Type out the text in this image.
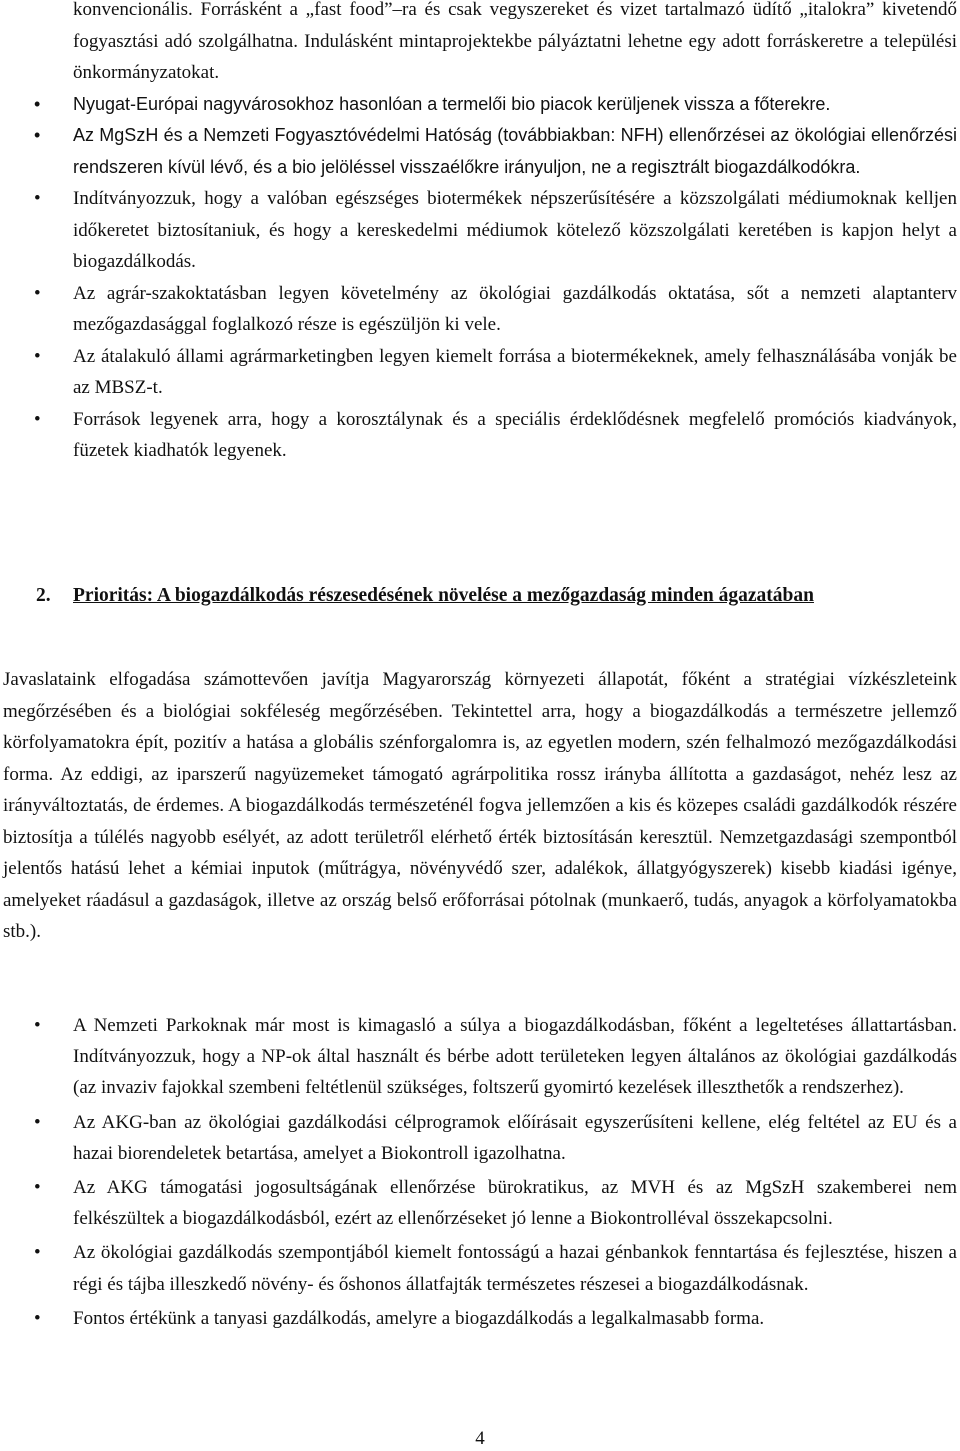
konvencionális. Forrásként a „fast food”–ra és csak vegyszereket és vizet tartalmazó üdítő „italokra” kivetendő fogyasztási adó szolgálhatna. Indulásként mintaprojektekbe pályáztatni lehetne egy adott forráskeretre a települési önkormányzatokat.
• Nyugat-Európai nagyvárosokhoz hasonlóan a termelői bio piacok kerüljenek vissza a főterekre.
• Az MgSzH és a Nemzeti Fogyasztóvédelmi Hatóság (továbbiakban: NFH) ellenőrzései az ökológiai ellenőrzési rendszeren kívül lévő, és a bio jelöléssel visszaélőkre irányuljon, ne a regisztrált biogazdálkodókra.
• Indítványozzuk, hogy a valóban egészséges biotermékek népszerűsítésére a közszolgálati médiumoknak kelljen időkeretet biztosítaniuk, és hogy a kereskedelmi médiumok kötelező közszolgálati keretében is kapjon helyt a biogazdálkodás.
• Az agrár-szakoktatásban legyen követelmény az ökológiai gazdálkodás oktatása, sőt a nemzeti alaptanterv mezőgazdasággal foglalkozó része is egészüljön ki vele.
• Az átalakuló állami agrármarketingben legyen kiemelt forrása a biotermékeknek, amely felhasználásába vonják be az MBSZ-t.
• Források legyenek arra, hogy a korosztálynak és a speciális érdeklődésnek megfelelő promóciós kiadványok, füzetek kiadhatók legyenek.
2.	Prioritás: A biogazdálkodás részesedésének növelése a mezőgazdaság minden ágazatában

Javaslataink elfogadása számottevően javítja Magyarország környezeti állapotát, főként a stratégiai vízkészleteink megőrzésében és a biológiai sokféleség megőrzésében. Tekintettel arra, hogy a biogazdálkodás a természetre jellemző körfolyamatokra épít, pozitív a hatása a globális szénforgalomra is, az egyetlen modern, szén felhalmozó mezőgazdálkodási forma. Az eddigi, az iparszerű nagyüzemeket támogató agrárpolitika rossz irányba állította a gazdaságot, nehéz lesz az irányváltoztatás, de érdemes. A biogazdálkodás természeténél fogva jellemzően a kis és közepes családi gazdálkodók részére biztosítja a túlélés nagyobb esélyét, az adott területről elérhető érték biztosításán keresztül. Nemzetgazdasági szempontból jelentős hatású lehet a kémiai inputok (műtrágya, növényvédő szer, adalékok, állatgyógyszerek) kisebb kiadási igénye, amelyeket ráadásul a gazdaságok, illetve az ország belső erőforrásai pótolnak (munkaerő, tudás, anyagok a körfolyamatokba stb.).

• A Nemzeti Parkoknak már most is kimagasló a súlya a biogazdálkodásban, főként a legeltetéses állattartásban. Indítványozzuk, hogy a NP-ok által használt és bérbe adott területeken legyen általános az ökológiai gazdálkodás (az invaziv fajokkal szembeni feltétlenül szükséges, foltszerű gyomirtó kezelések illeszthetők a rendszerhez).
• Az AKG-ban az ökológiai gazdálkodási célprogramok előírásait egyszerűsíteni kellene, elég feltétel az EU és a hazai biorendeletek betartása, amelyet a Biokontroll igazolhatna.
• Az AKG támogatási jogosultságának ellenőrzése bürokratikus, az MVH és az MgSzH szakemberei nem felkészültek a biogazdálkodásból, ezért az ellenőrzéseket jó lenne a Biokontrolléval összekapcsolni.
• Az ökológiai gazdálkodás szempontjából kiemelt fontosságú a hazai génbankok fenntartása és fejlesztése, hiszen a régi és tájba illeszkedő növény- és őshonos állatfajták természetes részesei a biogazdálkodásnak.
• Fontos értékünk a tanyasi gazdálkodás, amelyre a biogazdálkodás a legalkalmasabb forma.
4
